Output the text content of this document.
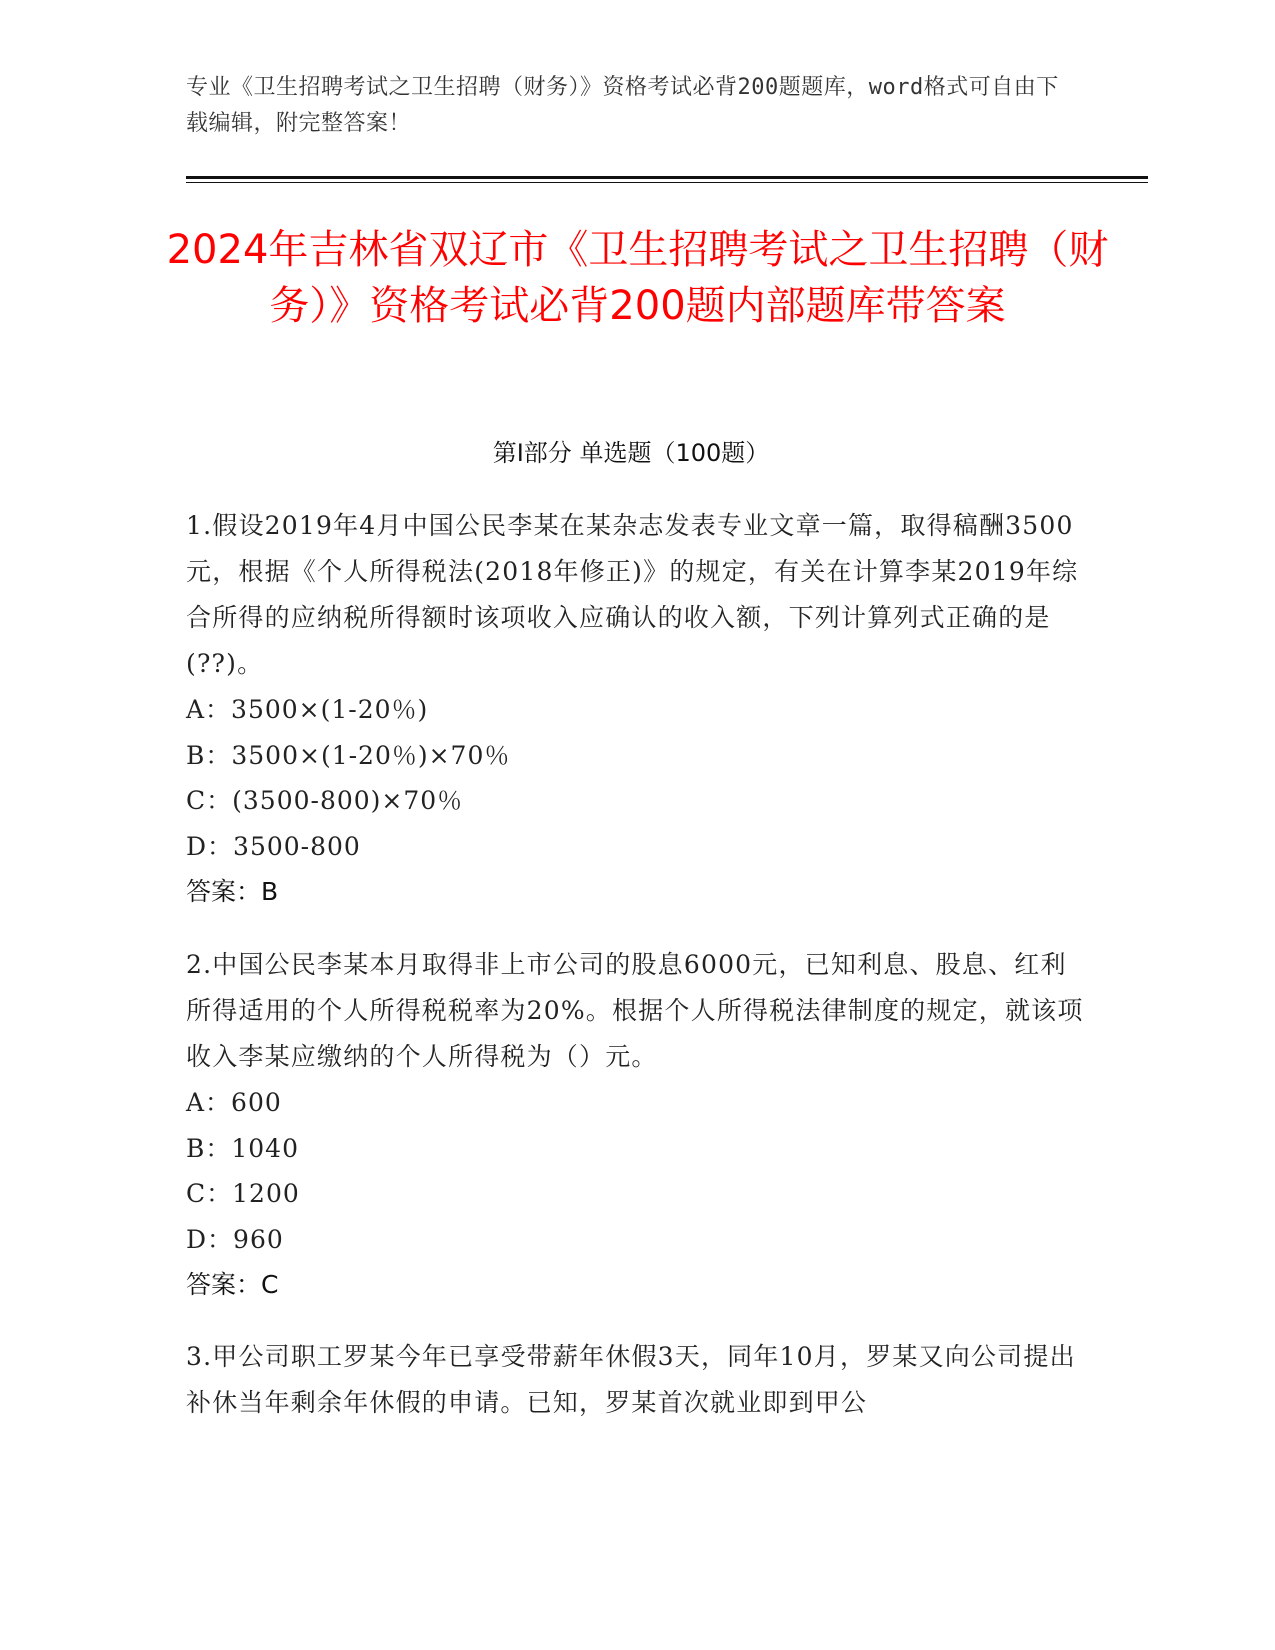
专业《卫生招聘考试之卫生招聘（财务）》资格考试必背200题题库，word格式可自由下载编辑，附完整答案！
2024年吉林省双辽市《卫生招聘考试之卫生招聘（财务）》资格考试必背200题内部题库带答案
第I部分 单选题（100题）

1.假设2019年4月中国公民李某在某杂志发表专业文章一篇，取得稿酬3500元，根据《个人所得税法(2018年修正)》的规定，有关在计算李某2019年综合所得的应纳税所得额时该项收入应确认的收入额，下列计算列式正确的是(??)。

A：3500×(1-20％)

B：3500×(1-20％)×70％

C：(3500-800)×70％

D：3500-800

答案：B

2.中国公民李某本月取得非上市公司的股息6000元，已知利息、股息、红利所得适用的个人所得税税率为20%。根据个人所得税法律制度的规定，就该项收入李某应缴纳的个人所得税为（）元。

A：600

B：1040

C：1200

D：960

答案：C

3.甲公司职工罗某今年已享受带薪年休假3天，同年10月，罗某又向公司提出补休当年剩余年休假的申请。已知，罗某首次就业即到甲公
